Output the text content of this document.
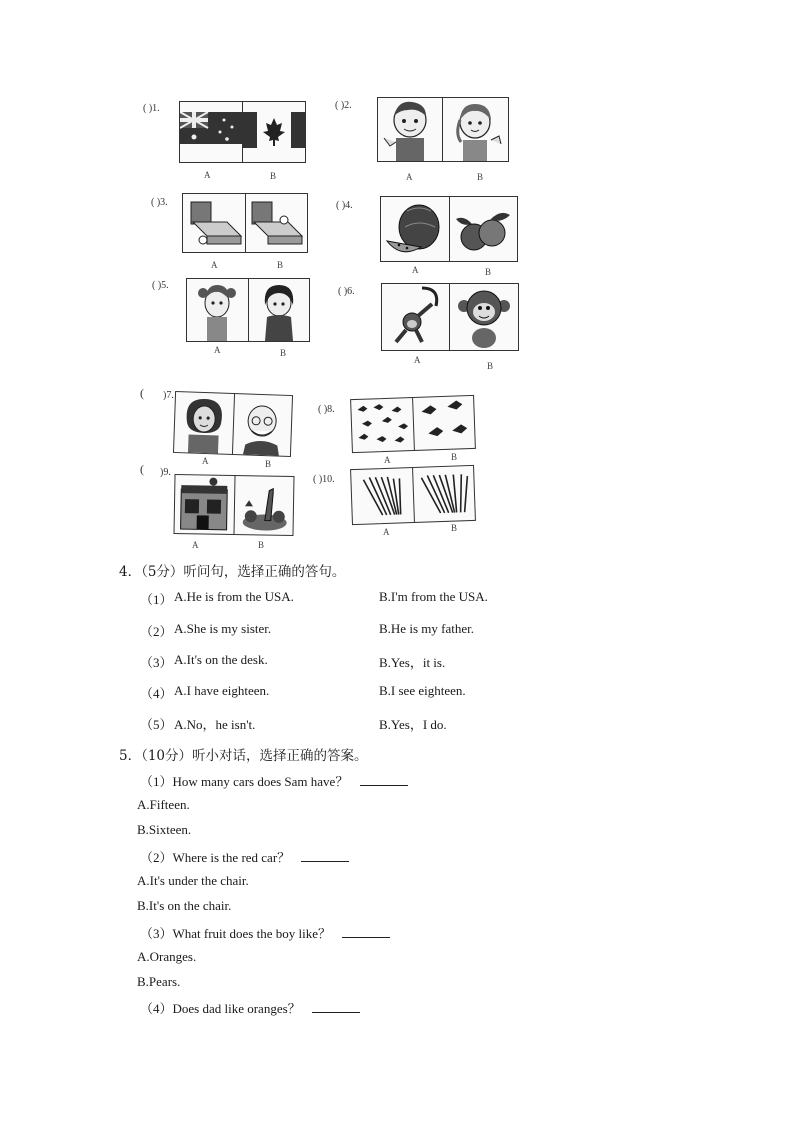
( )1.
A	B
( )2.
A	B
( )3.
A	B
( )4.
A	B
( )5.
A	B
( )6.
A
B
( )7.
A	B
( )8.
A	B
( )9.
A	B
( )10.
A	B
4．（5分）听问句，选择正确的答句。
（1） A.He is from the USA.	B.I'm from the USA.
（2） A.She is my sister.	B.He is my father.
（3） A.It's on the desk.	B.Yes，it is.
（4） A.I have eighteen.	B.I see eighteen.
（5） A.No，he isn't.	B.Yes，I do.
5．（10分）听小对话，选择正确的答案。
（1）How many cars does Sam have？
A.Fifteen.
B.Sixteen.
（2）Where is the red car？
A.It's under the chair.
B.It's on the chair.
（3）What fruit does the boy like？
A.Oranges.
B.Pears.
（4）Does dad like oranges？
